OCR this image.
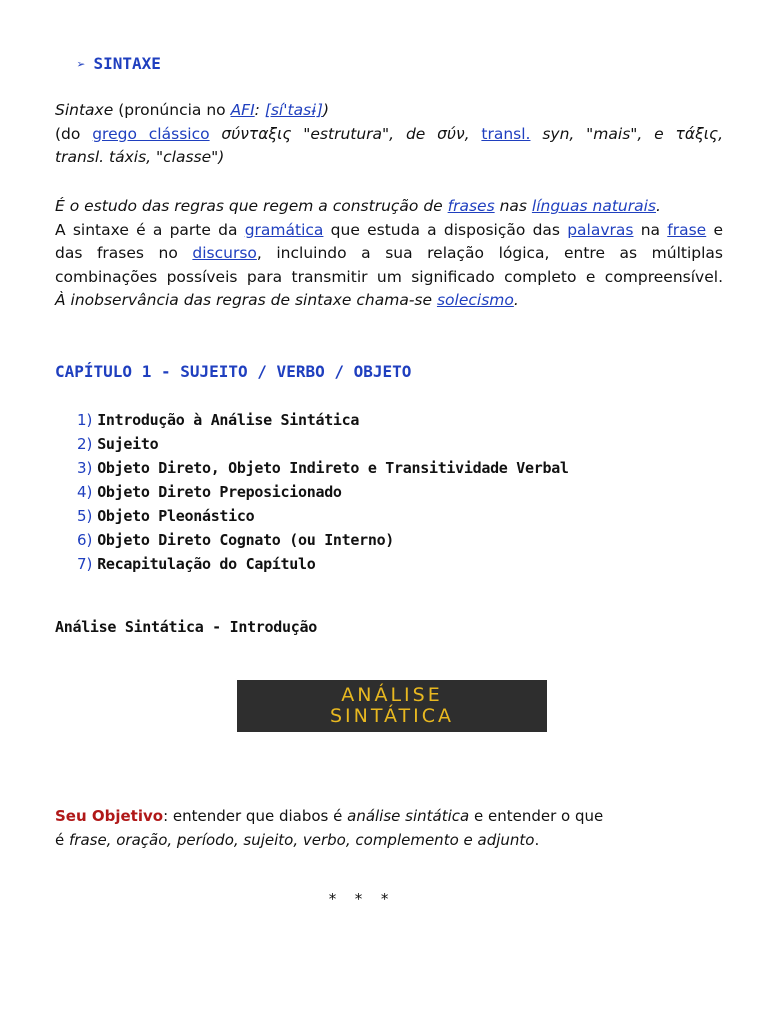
➢ SINTAXE

Sintaxe (pronúncia no AFI: [sí'tasɨ])

(do grego clássico σύνταξις "estrutura", de σύν, transl. syn, "mais", e τάξις,

transl. táxis, "classe")

É o estudo das regras que regem a construção de frases nas línguas naturais.

A sintaxe é a parte da gramática que estuda a disposição das palavras na frase e

das frases no discurso, incluindo a sua relação lógica, entre as múltiplas

combinações possíveis para transmitir um significado completo e compreensível.

À inobservância das regras de sintaxe chama-se solecismo.

CAPÍTULO 1 - SUJEITO / VERBO / OBJETO
1) Introdução à Análise Sintática
2) Sujeito
3) Objeto Direto, Objeto Indireto e Transitividade Verbal
4) Objeto Direto Preposicionado
5) Objeto Pleonástico
6) Objeto Direto Cognato (ou Interno)
7) Recapitulação do Capítulo
Análise Sintática - Introdução
ANÁLISE
SINTÁTICA
Seu Objetivo: entender que diabos é análise sintática e entender o que
é frase, oração, período, sujeito, verbo, complemento e adjunto.
* * *
